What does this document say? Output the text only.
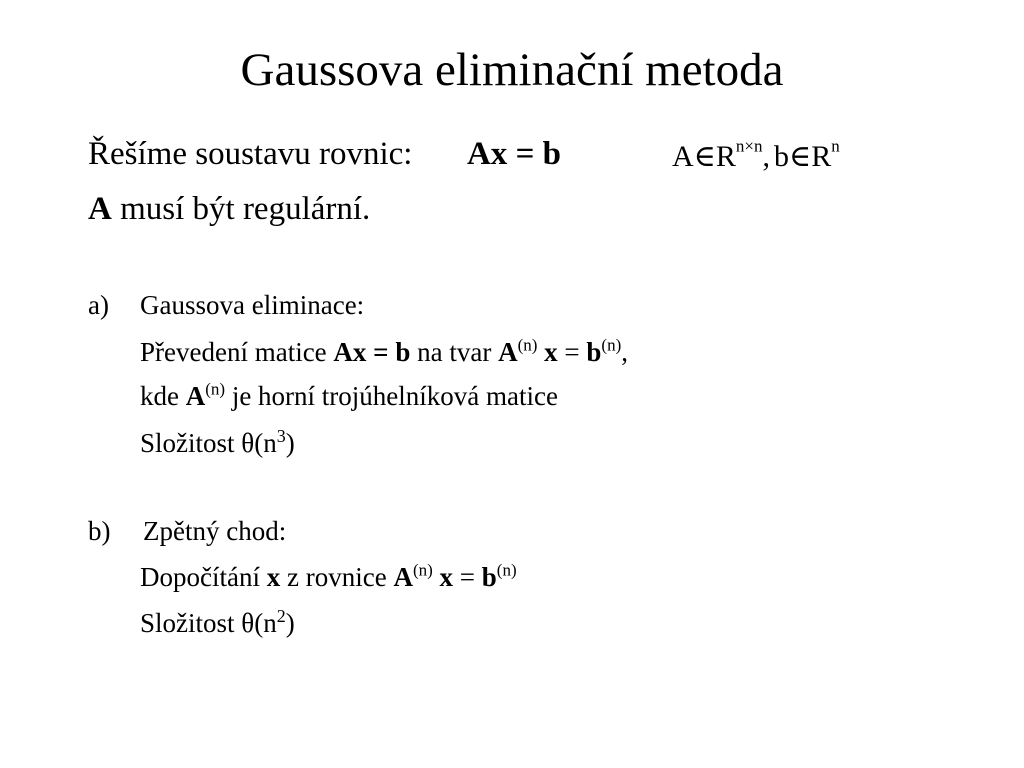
Gaussova eliminační metoda
Řešíme soustavu rovnic: Ax = b	$A\in R^{n\times n}$, $b\in R^n$
A musí být regulární.
a) Gaussova eliminace:
Převedení matice Ax = b na tvar $A^{(n)}$ $x = b^{(n)}$,
kde $A^{(n)}$ je horní trojúhelníková matice
Složitost $\theta(n^3)$
b) Zpětný chod:
Dopočítání x z rovnice $A^{(n)}$ $x = b^{(n)}$
Složitost $\theta(n^2)$
